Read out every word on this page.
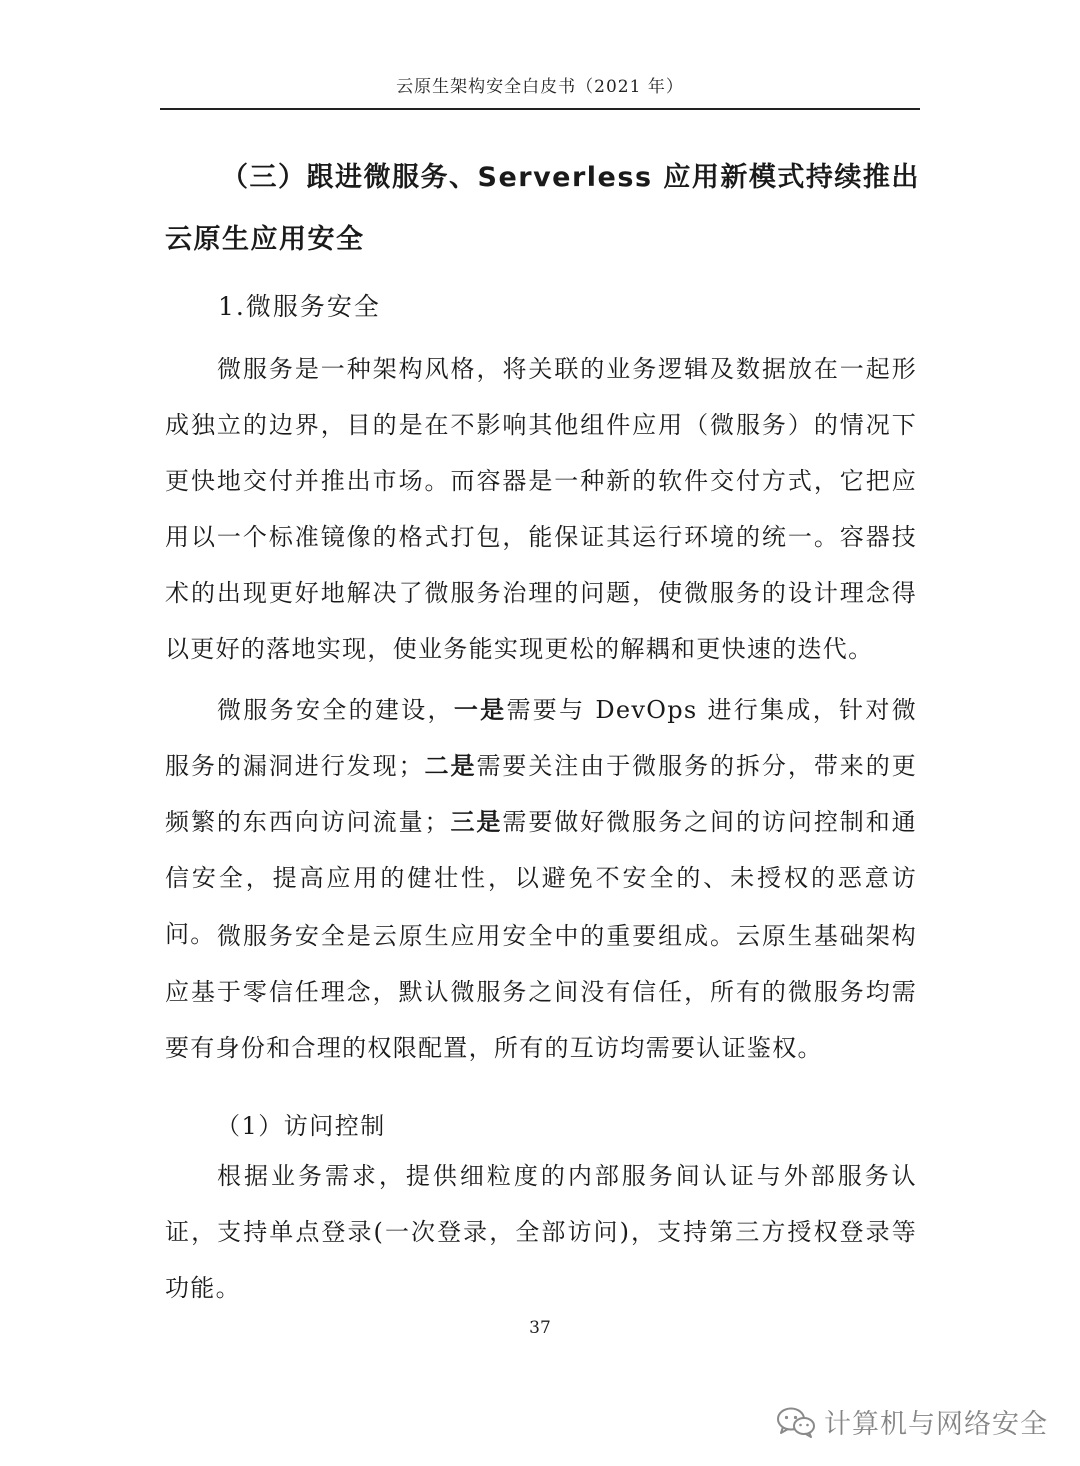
云原生架构安全白皮书（2021 年）
（三）跟进微服务、Serverless 应用新模式持续推出云原生应用安全
1.微服务安全

微服务是一种架构风格，将关联的业务逻辑及数据放在一起形成独立的边界，目的是在不影响其他组件应用（微服务）的情况下更快地交付并推出市场。而容器是一种新的软件交付方式，它把应用以一个标准镜像的格式打包，能保证其运行环境的统一。容器技术的出现更好地解决了微服务治理的问题，使微服务的设计理念得以更好的落地实现，使业务能实现更松的解耦和更快速的迭代。

微服务安全的建设，一是需要与 DevOps 进行集成，针对微服务的漏洞进行发现；二是需要关注由于微服务的拆分，带来的更频繁的东西向访问流量；三是需要做好微服务之间的访问控制和通信安全，提高应用的健壮性，以避免不安全的、未授权的恶意访问。 微服务安全是云原生应用安全中的重要组成。云原生基础架构应基于零信任理念，默认微服务之间没有信任，所有的微服务均需要有身份和合理的权限配置，所有的互访均需要认证鉴权。

（1）访问控制

根据业务需求，提供细粒度的内部服务间认证与外部服务认证，支持单点登录(一次登录，全部访问)，支持第三方授权登录等功能。

37
计算机与网络安全
